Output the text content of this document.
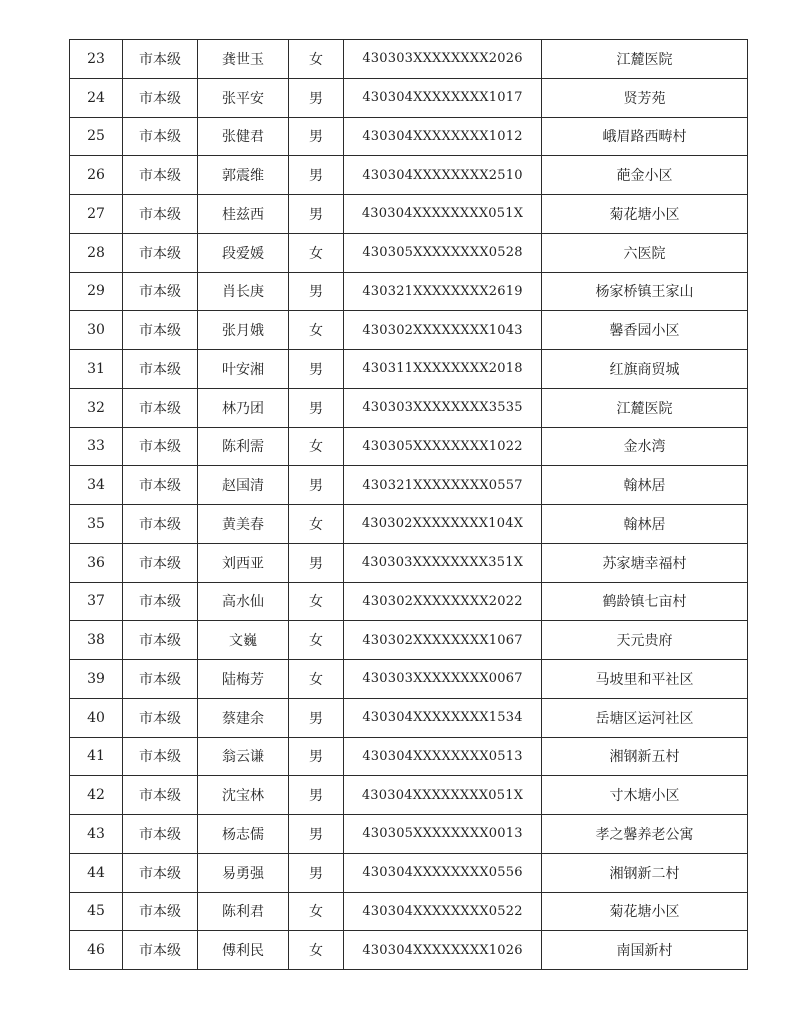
23	市本级	龚世玉	女	430303XXXXXXXX2026	江麓医院
24	市本级	张平安	男	430304XXXXXXXX1017	贤芳苑
25	市本级	张健君	男	430304XXXXXXXX1012	峨眉路西畴村
26	市本级	郭震维	男	430304XXXXXXXX2510	葩金小区
27	市本级	桂兹西	男	430304XXXXXXXX051X	菊花塘小区
28	市本级	段爱媛	女	430305XXXXXXXX0528	六医院
29	市本级	肖长庚	男	430321XXXXXXXX2619	杨家桥镇王家山
30	市本级	张月娥	女	430302XXXXXXXX1043	馨香园小区
31	市本级	叶安湘	男	430311XXXXXXXX2018	红旗商贸城
32	市本级	林乃团	男	430303XXXXXXXX3535	江麓医院
33	市本级	陈利需	女	430305XXXXXXXX1022	金水湾
34	市本级	赵国清	男	430321XXXXXXXX0557	翰林居
35	市本级	黄美春	女	430302XXXXXXXX104X	翰林居
36	市本级	刘西亚	男	430303XXXXXXXX351X	苏家塘幸福村
37	市本级	高水仙	女	430302XXXXXXXX2022	鹤龄镇七亩村
38	市本级	文巍	女	430302XXXXXXXX1067	天元贵府
39	市本级	陆梅芳	女	430303XXXXXXXX0067	马坡里和平社区
40	市本级	蔡建余	男	430304XXXXXXXX1534	岳塘区运河社区
41	市本级	翁云谦	男	430304XXXXXXXX0513	湘钢新五村
42	市本级	沈宝林	男	430304XXXXXXXX051X	寸木塘小区
43	市本级	杨志儒	男	430305XXXXXXXX0013	孝之馨养老公寓
44	市本级	易勇强	男	430304XXXXXXXX0556	湘钢新二村
45	市本级	陈利君	女	430304XXXXXXXX0522	菊花塘小区
46	市本级	傅利民	女	430304XXXXXXXX1026	南国新村
